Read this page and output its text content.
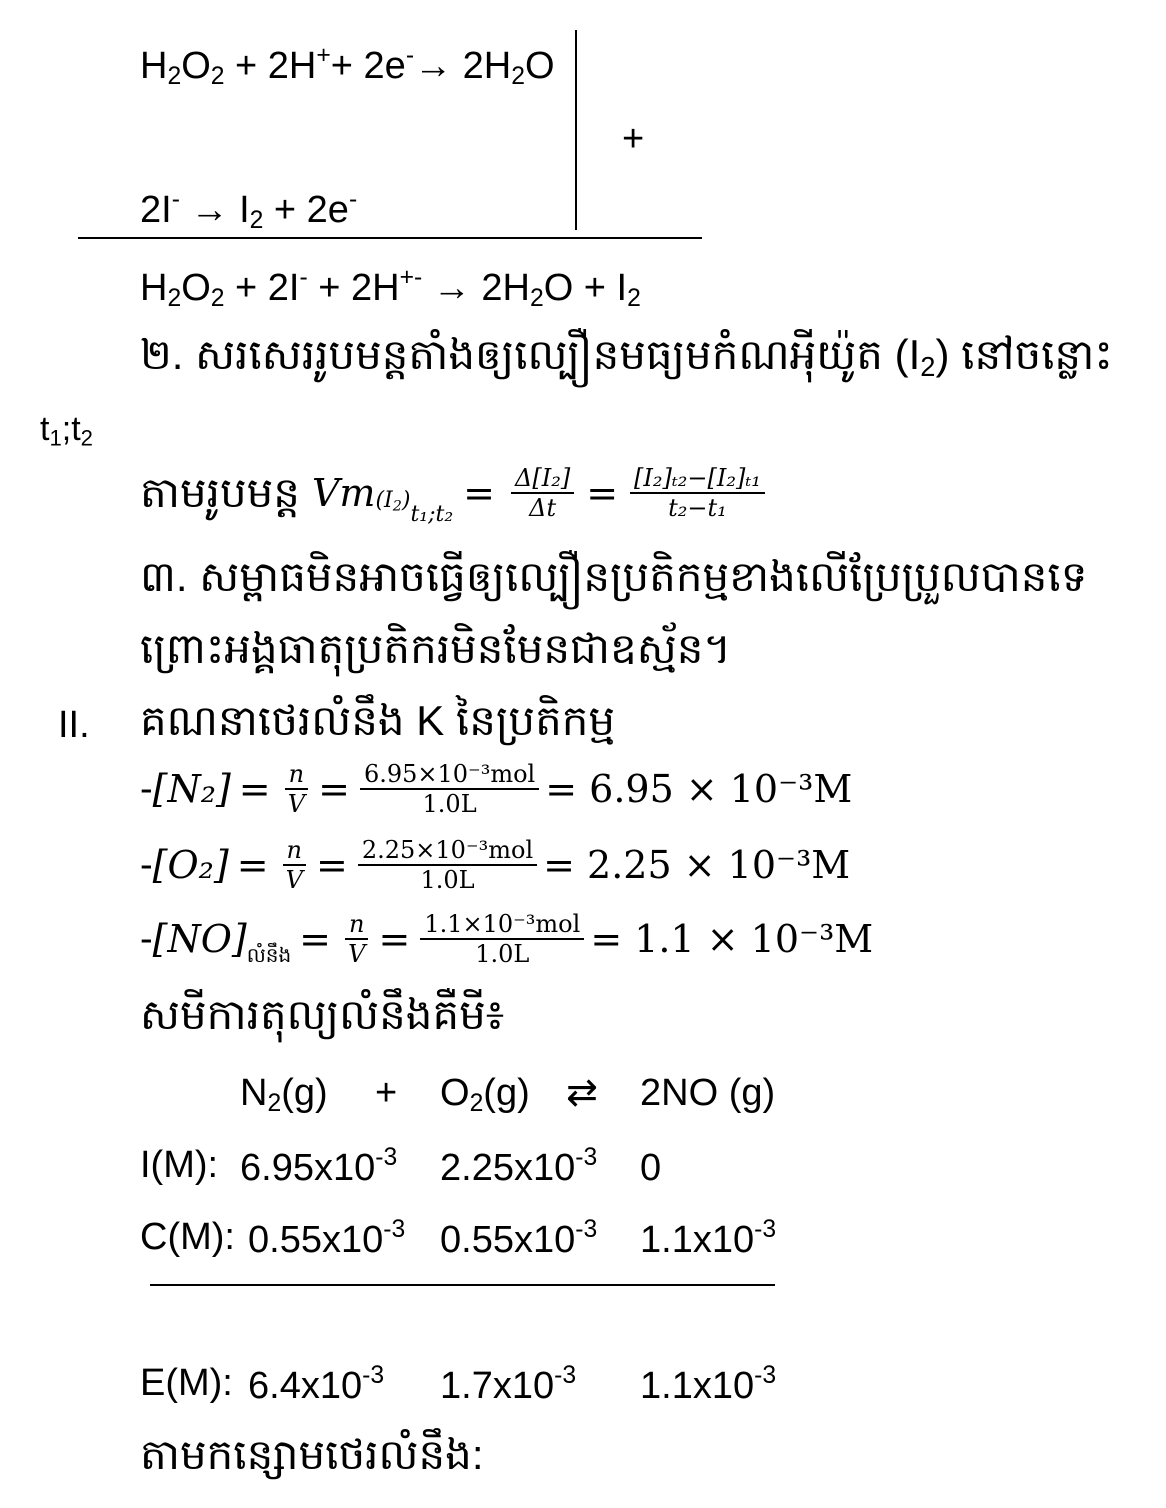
$H_2O_2 + 2H^++ 2e^-\to 2H_2O$
+
$2I^- \to I_2 + 2e^-$
$H_2O_2 + 2I^- + 2H^{+-} \to 2H_2O + I_2$
២. សរសេររូបមន្តតាំងឲ្យល្បឿនមធ្យមកំណអុីយ៉ូត $(I_2)$ នៅចន្លោះ
$t_1;t_2$
តាមរូបមន្ត Vm $(I_2)$
t₁;t₂ = $\frac{\text{Δ[I₂]}}{\Delta t} = \frac{\text{[I₂]ₜ₂−[I₂]ₜ₁}}{\text{t₂−t₁}}$
៣. សម្ពាធមិនអាចធ្វើឲ្យល្បឿនប្រតិកម្មខាងលើប្រែប្រួលបានទេ
ព្រោះអង្គធាតុប្រតិករមិនមែនជាឧស្ម័ន។
II. គណនាថេរលំនឹង K នៃប្រតិកម្ម
- $[N_2] = \frac{n}{V} = \frac{\text{6.95×10⁻³mol}}{1.0L} = 6.95 \times 10^{-3}M$
- $[O_2] = \frac{n}{V} = \frac{\text{2.25×10⁻³mol}}{1.0L} = 2.25 \times 10^{-3}M$
- [NO] លំនឹង = $\frac{n}{V} = \frac{\text{1.1×10⁻³mol}}{1.0L} = 1.1 \times 10^{-3}M$
សមីការតុល្យលំនឹងគឺមី៖
$N_2(g) + O_2(g)$ ⇄ 2NO (g)
I(M): $6.95x10^{-3}$ $2.25x10^{-3}$ 0
C(M): $0.55x10^{-3}$ $0.55x10^{-3}$ $1.1x10^{-3}$
E(M): $6.4x10^{-3}$ $1.7x10^{-3}$ $1.1x10^{-3}$
តាមកន្សោមថេរលំនឹង:
